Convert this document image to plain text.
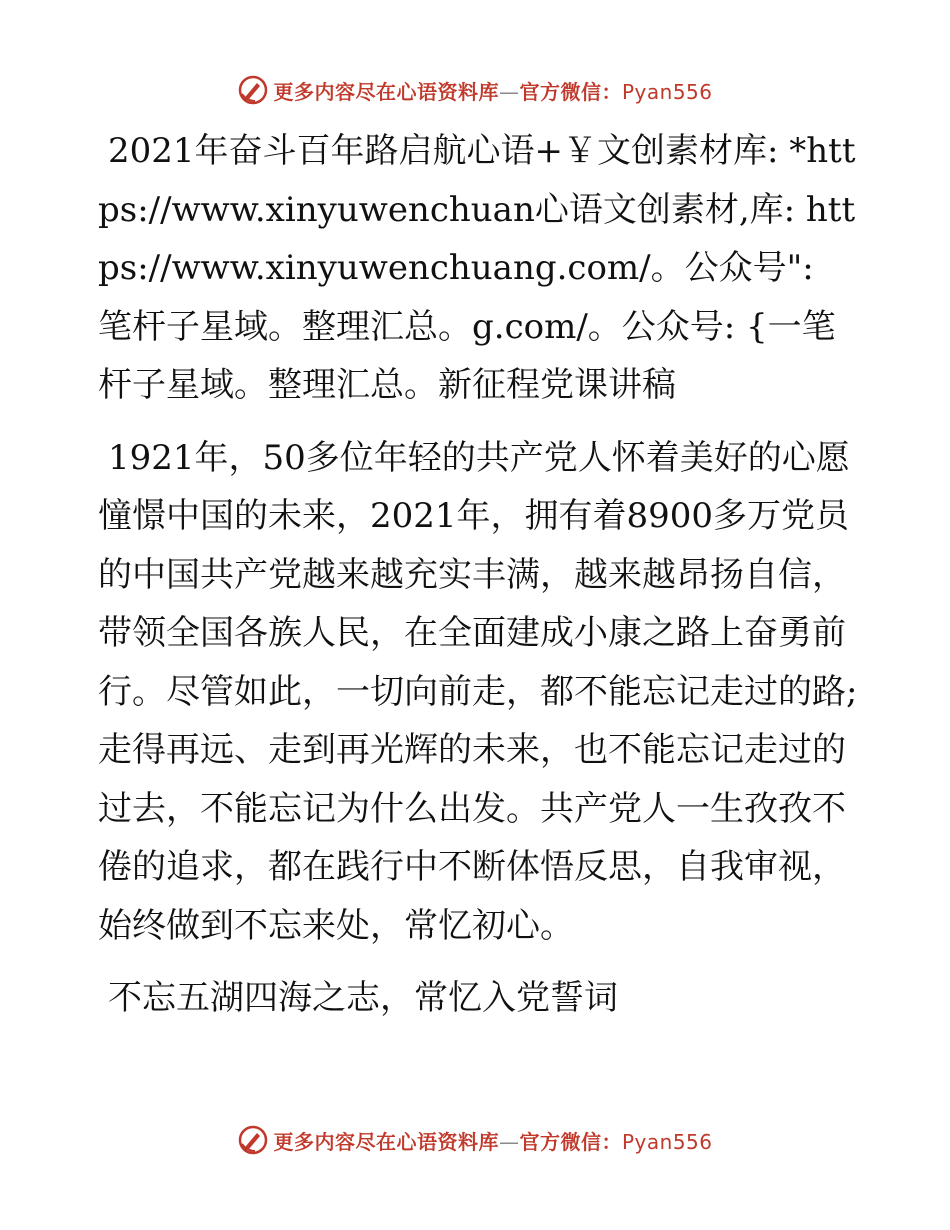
更多内容尽在心语资料库—官方微信：Pyan556

2021年奋斗百年路启航心语+￥文创素材库: *https://www.xinyuwenchuan心语文创素材,库: https://www.xinyuwenchuang.com/。公众号": 笔杆子星域。整理汇总。g.com/。公众号: {一笔杆子星域。整理汇总。新征程党课讲稿

1921年，50多位年轻的共产党人怀着美好的心愿憧憬中国的未来，2021年，拥有着8900多万党员的中国共产党越来越充实丰满，越来越昂扬自信，带领全国各族人民，在全面建成小康之路上奋勇前行。尽管如此，一切向前走，都不能忘记走过的路;走得再远、走到再光辉的未来，也不能忘记走过的过去，不能忘记为什么出发。共产党人一生孜孜不倦的追求，都在践行中不断体悟反思，自我审视，始终做到不忘来处，常忆初心。

不忘五湖四海之志，常忆入党誓词

更多内容尽在心语资料库—官方微信：Pyan556
